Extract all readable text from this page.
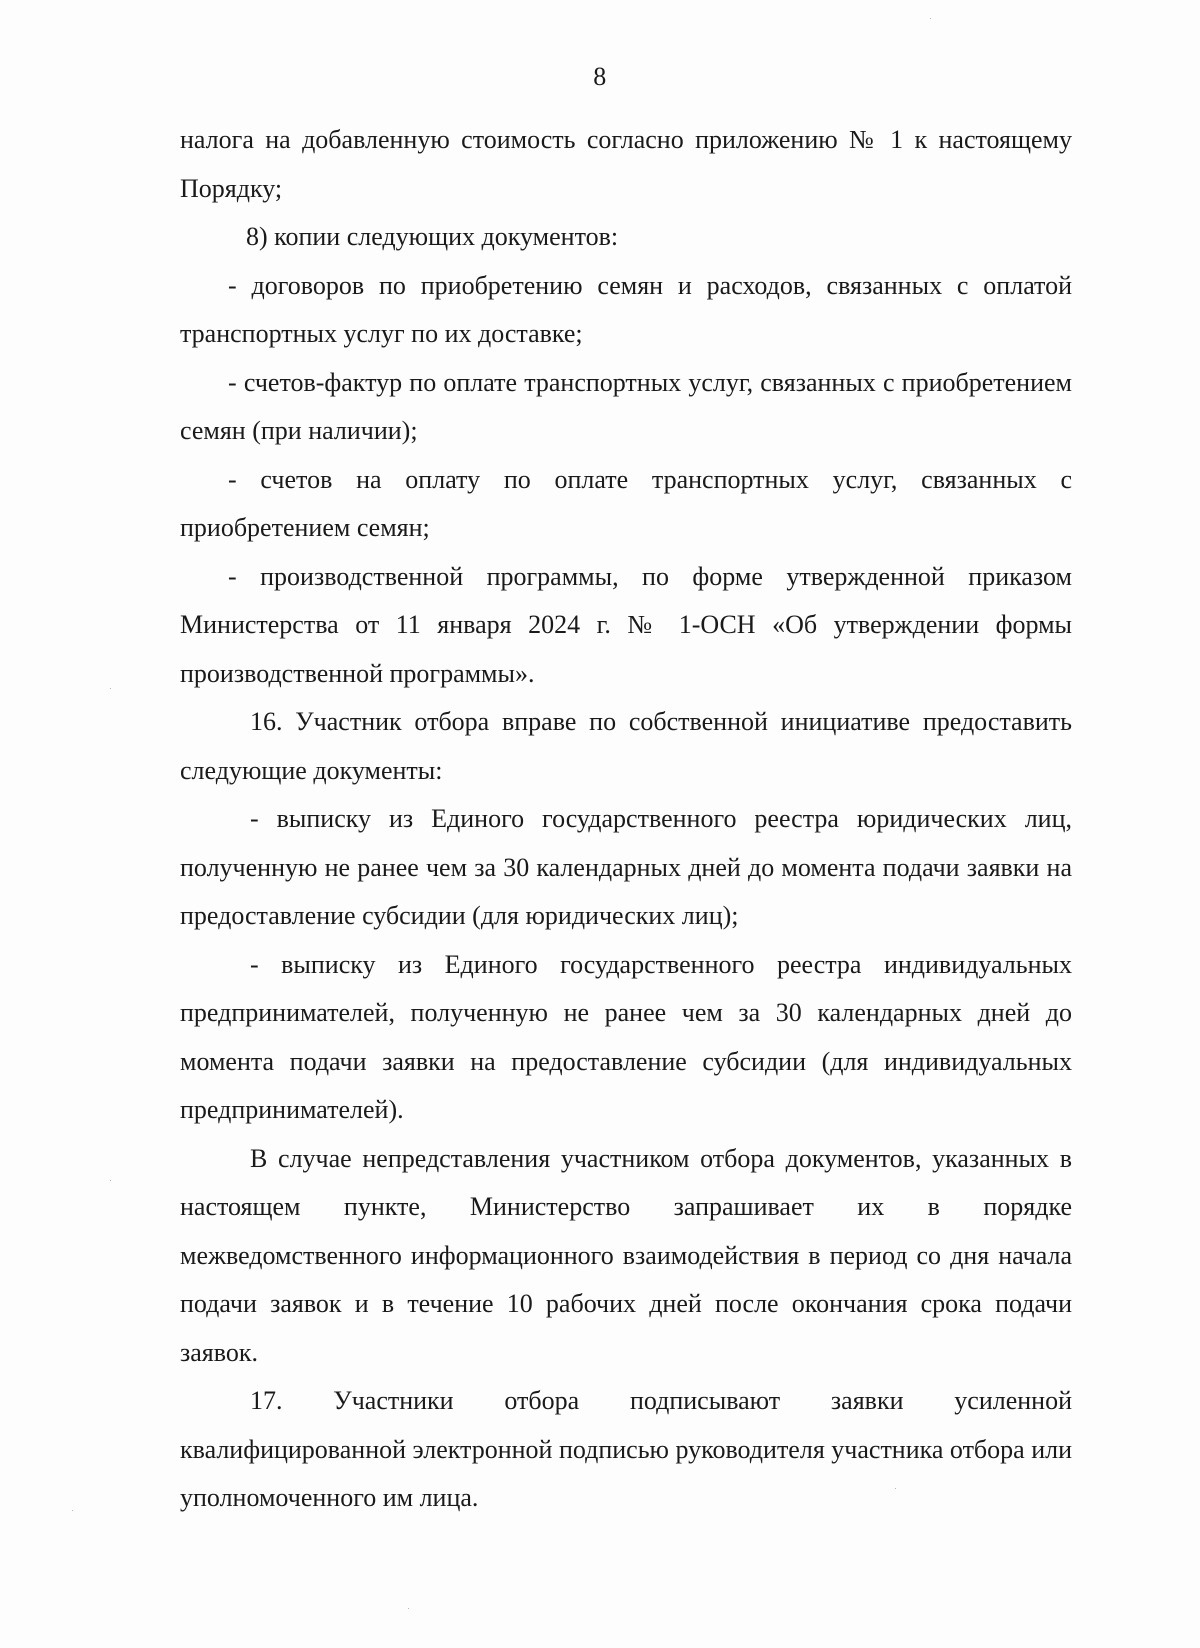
8

налога на добавленную стоимость согласно приложению № 1 к настоящему Порядку;

8) копии следующих документов:

- договоров по приобретению семян и расходов, связанных с оплатой транспортных услуг по их доставке;

- счетов-фактур по оплате транспортных услуг, связанных с приобретением семян (при наличии);

- счетов на оплату по оплате транспортных услуг, связанных с приобретением семян;

- производственной программы, по форме утвержденной приказом Министерства от 11 января 2024 г. № 1-ОСН «Об утверждении формы производственной программы».

16. Участник отбора вправе по собственной инициативе предоставить следующие документы:

- выписку из Единого государственного реестра юридических лиц, полученную не ранее чем за 30 календарных дней до момента подачи заявки на предоставление субсидии (для юридических лиц);

- выписку из Единого государственного реестра индивидуальных предпринимателей, полученную не ранее чем за 30 календарных дней до момента подачи заявки на предоставление субсидии (для индивидуальных предпринимателей).

В случае непредставления участником отбора документов, указанных в настоящем пункте, Министерство запрашивает их в порядке межведомственного информационного взаимодействия в период со дня начала подачи заявок и в течение 10 рабочих дней после окончания срока подачи заявок.

17. Участники отбора подписывают заявки усиленной квалифицированной электронной подписью руководителя участника отбора или уполномоченного им лица.
